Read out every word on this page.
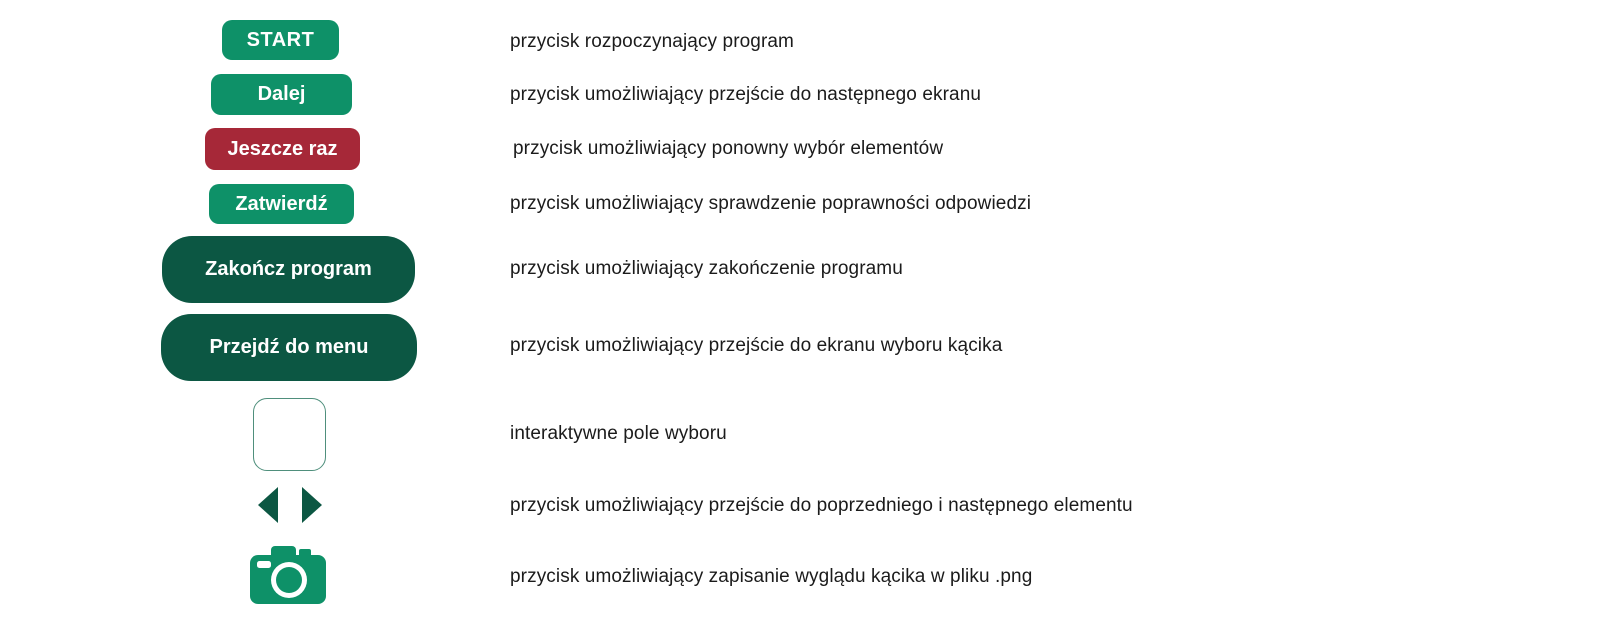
START	przycisk rozpoczynający program
Dalej	przycisk umożliwiający przejście do następnego ekranu
Jeszcze raz	przycisk umożliwiający ponowny wybór elementów
Zatwierdź	przycisk umożliwiający sprawdzenie poprawności odpowiedzi
Zakończ program	przycisk umożliwiający zakończenie programu
Przejdź do menu	przycisk umożliwiający przejście do ekranu wyboru kącika
interaktywne pole wyboru
przycisk umożliwiający przejście do poprzedniego i następnego elementu
przycisk umożliwiający zapisanie wyglądu kącika w pliku .png
